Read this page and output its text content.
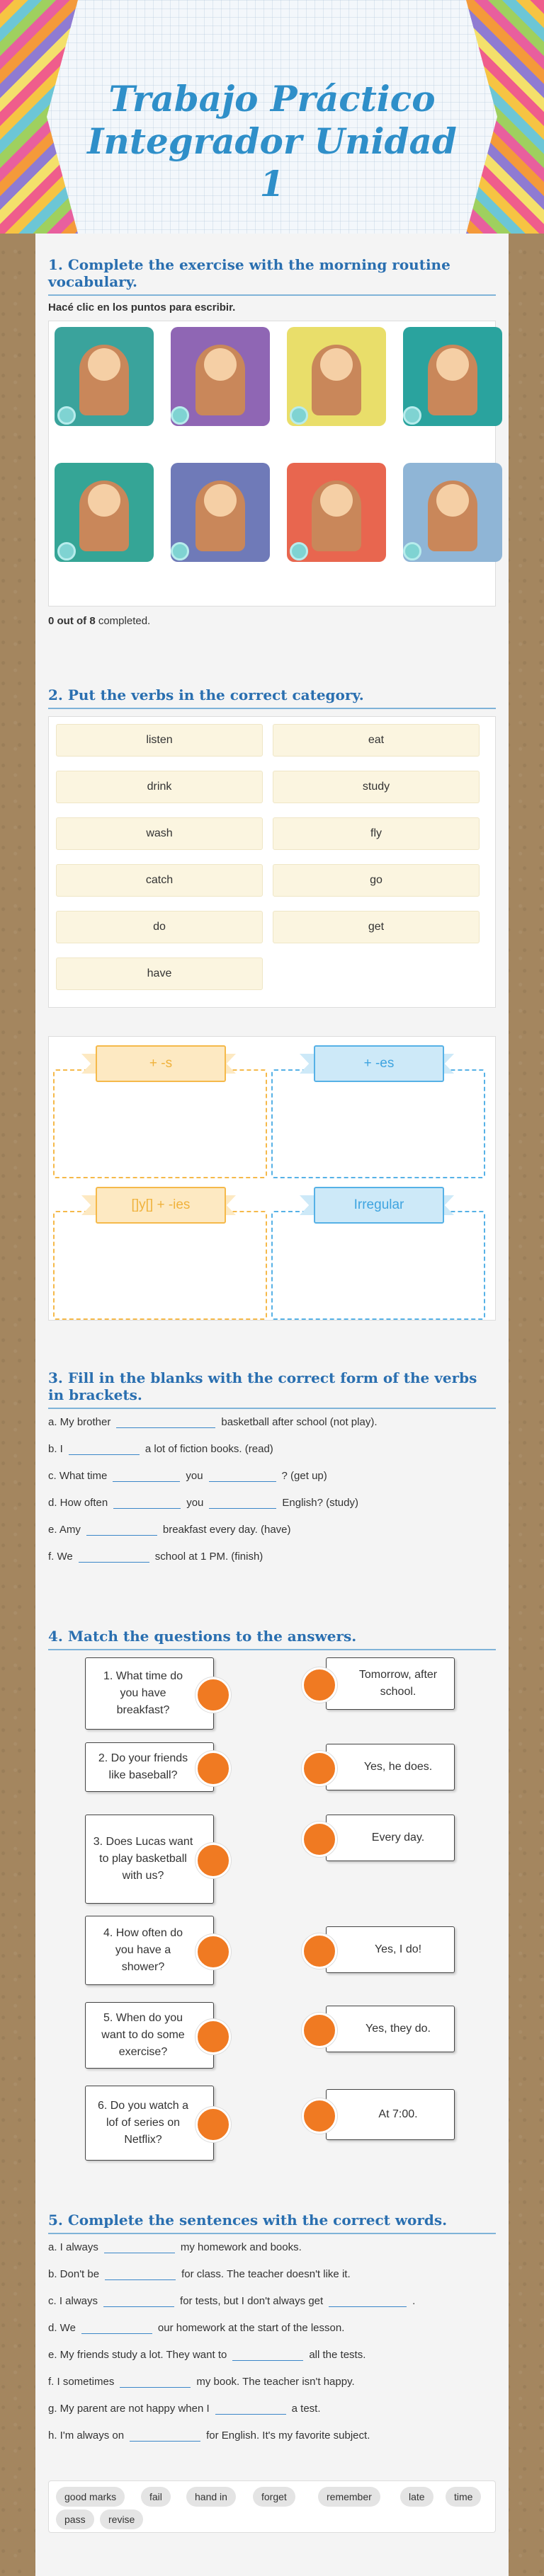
Trabajo Práctico
Integrador Unidad 1
1. Complete the exercise with the morning routine vocabulary.
Hacé clic en los puntos para escribir.
0 out of 8 completed.
2. Put the verbs in the correct category.
listen
drink
wash
catch
do
have
eat
study
fly
go
get
+ -s	+ -es
[]y[] + -ies	Irregular
3. Fill in the blanks with the correct form of the verbs in brackets.
a. My brother	basketball after school (not play).
b. I	a lot of fiction books. (read)
c. What time	you	? (get up)
d. How often	you	English? (study)
e. Amy	breakfast every day. (have)
f. We	school at 1 PM. (finish)
4. Match the questions to the answers.
1. What time do you have breakfast?
2. Do your friends like baseball?
3. Does Lucas want to play basketball with us?
4. How often do you have a shower?
5. When do you want to do some exercise?
6. Do you watch a lof of series on Netflix?
Tomorrow, after school.
Yes, he does.
Every day.
Yes, I do!
Yes, they do.
At 7:00.
5. Complete the sentences with the correct words.
a. I always	my homework and books.
b. Don't be	for class. The teacher doesn't like it.
c. I always	for tests, but I don't always get	.
d. We	our homework at the start of the lesson.
e. My friends study a lot. They want to	all the tests.
f. I sometimes	my book. The teacher isn't happy.
g. My parent are not happy when I	a test.
h. I'm always on	for English. It's my favorite subject.
good marks	fail	hand in	forget	remember	late	time
pass	revise
